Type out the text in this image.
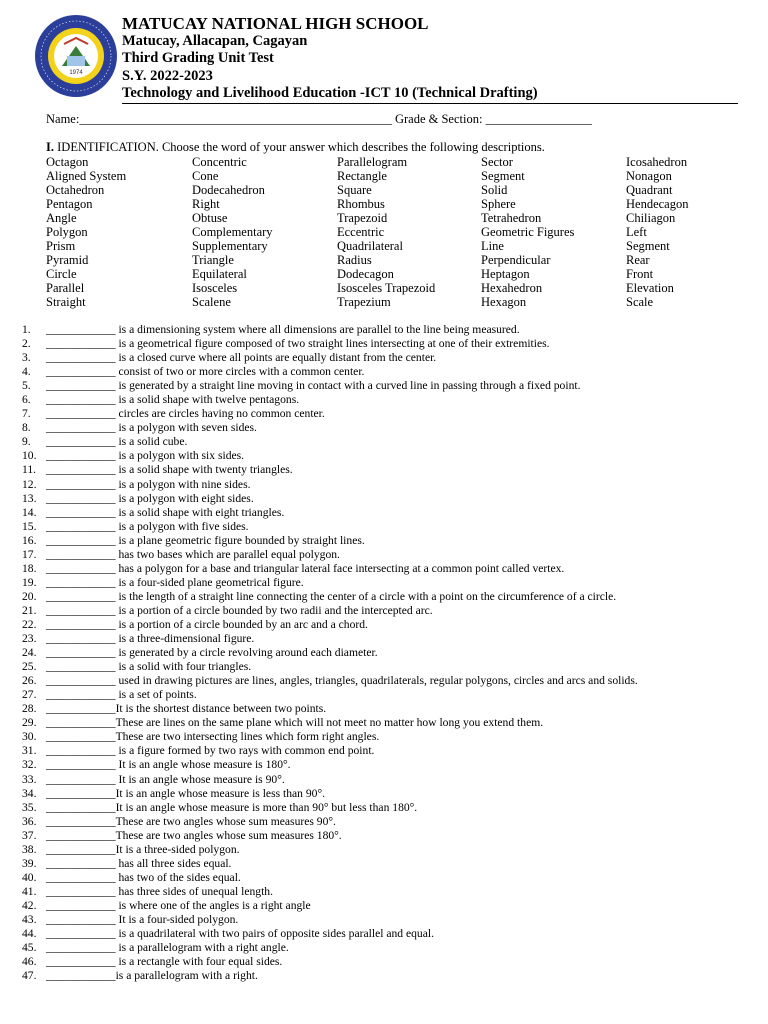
1974
MATUCAY NATIONAL HIGH SCHOOL
Matucay, Allacapan, Cagayan
Third Grading Unit Test
S.Y. 2022-2023
Technology and Livelihood Education -ICT 10 (Technical Drafting)
Name:__________________________________________________ Grade & Section: _________________
I. IDENTIFICATION. Choose the word of your answer which describes the following descriptions.
Octagon	Concentric	Parallelogram	Sector	Icosahedron
Aligned System	Cone	Rectangle	Segment	Nonagon
Octahedron	Dodecahedron	Square	Solid	Quadrant
Pentagon	Right	Rhombus	Sphere	Hendecagon
Angle	Obtuse	Trapezoid	Tetrahedron	Chiliagon
Polygon	Complementary	Eccentric	Geometric Figures	Left
Prism	Supplementary	Quadrilateral	Line	Segment
Pyramid	Triangle	Radius	Perpendicular	Rear
Circle	Equilateral	Dodecagon	Heptagon	Front
Parallel	Isosceles	Isosceles Trapezoid	Hexahedron	Elevation
Straight	Scalene	Trapezium	Hexagon	Scale
1.	____________ is a dimensioning system where all dimensions are parallel to the line being measured.
2.	____________ is a geometrical figure composed of two straight lines intersecting at one of their extremities.
3.	____________ is a closed curve where all points are equally distant from the center.
4.	____________ consist of two or more circles with a common center.
5.	____________ is generated by a straight line moving in contact with a curved line in passing through a fixed point.
6.	____________ is a solid shape with twelve pentagons.
7.	____________ circles are circles having no common center.
8.	____________ is a polygon with seven sides.
9.	____________ is a solid cube.
10. ____________ is a polygon with six sides.
11. ____________ is a solid shape with twenty triangles.
12. ____________ is a polygon with nine sides.
13. ____________ is a polygon with eight sides.
14. ____________ is a solid shape with eight triangles.
15. ____________ is a polygon with five sides.
16. ____________ is a plane geometric figure bounded by straight lines.
17. ____________ has two bases which are parallel equal polygon.
18. ____________ has a polygon for a base and triangular lateral face intersecting at a common point called vertex.
19. ____________ is a four-sided plane geometrical figure.
20. ____________ is the length of a straight line connecting the center of a circle with a point on the circumference of a circle.
21. ____________ is a portion of a circle bounded by two radii and the intercepted arc.
22. ____________ is a portion of a circle bounded by an arc and a chord.
23. ____________ is a three-dimensional figure.
24. ____________ is generated by a circle revolving around each diameter.
25. ____________ is a solid with four triangles.
26. ____________ used in drawing pictures are lines, angles, triangles, quadrilaterals, regular polygons, circles and arcs and solids.
27. ____________ is a set of points.
28. ____________It is the shortest distance between two points.
29. ____________These are lines on the same plane which will not meet no matter how long you extend them.
30. ____________These are two intersecting lines which form right angles.
31. ____________ is a figure formed by two rays with common end point.
32. ____________ It is an angle whose measure is 180°.
33. ____________ It is an angle whose measure is 90°.
34. ____________It is an angle whose measure is less than 90°.
35. ____________It is an angle whose measure is more than 90° but less than 180°.
36. ____________These are two angles whose sum measures 90°.
37. ____________These are two angles whose sum measures 180°.
38. ____________It is a three-sided polygon.
39. ____________ has all three sides equal.
40. ____________ has two of the sides equal.
41. ____________ has three sides of unequal length.
42. ____________ is where one of the angles is a right angle
43. ____________ It is a four-sided polygon.
44. ____________ is a quadrilateral with two pairs of opposite sides parallel and equal.
45. ____________ is a parallelogram with a right angle.
46. ____________ is a rectangle with four equal sides.
47. ____________is a parallelogram with a right.
